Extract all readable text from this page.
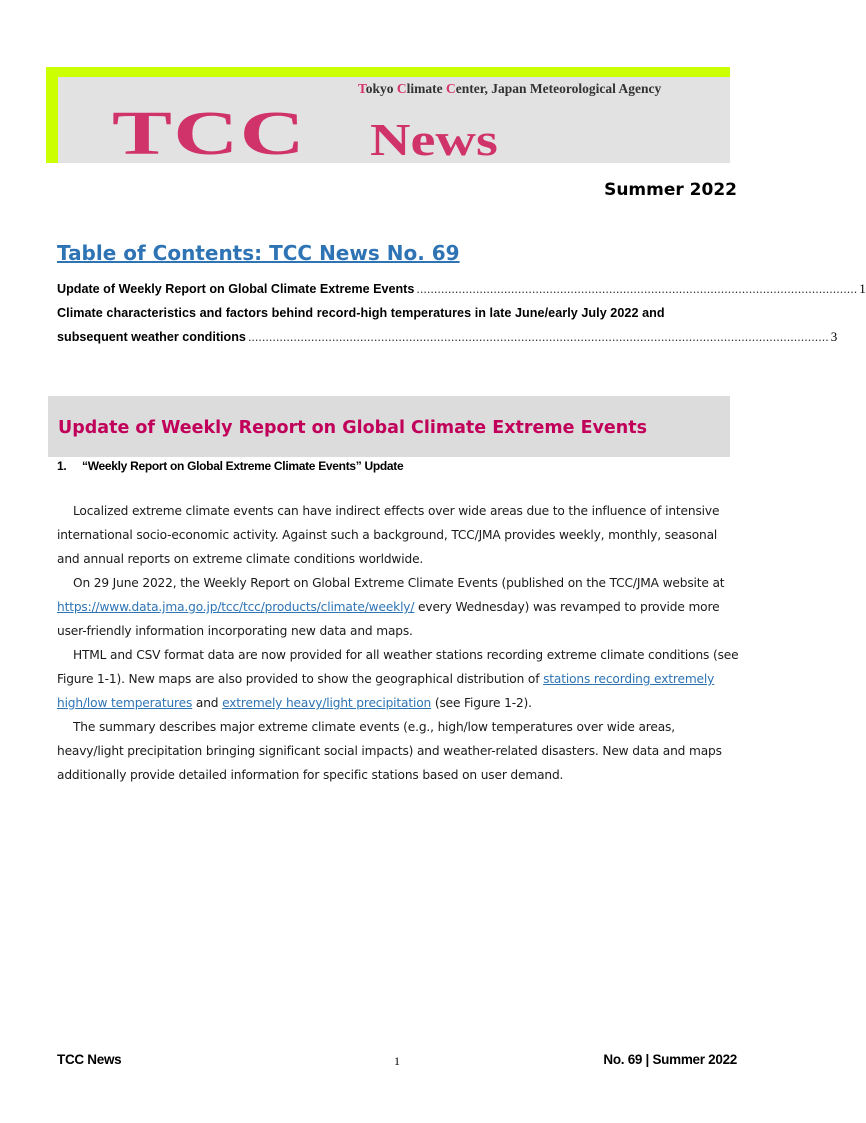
Tokyo Climate Center, Japan Meteorological Agency
TCC News
Summer 2022
Table of Contents: TCC News No. 69
Update of Weekly Report on Global Climate Extreme Events .............................................................................................................................. 1
Climate characteristics and factors behind record-high temperatures in late June/early July 2022 and
subsequent weather conditions ...................................................................................................................................................................... 3
Update of Weekly Report on Global Climate Extreme Events
1. “Weekly Report on Global Extreme Climate Events” Update

Localized extreme climate events can have indirect effects over wide areas due to the influence of intensive international socio-economic activity. Against such a background, TCC/JMA provides weekly, monthly, seasonal and annual reports on extreme climate conditions worldwide.

On 29 June 2022, the Weekly Report on Global Extreme Climate Events (published on the TCC/JMA website at https://www.data.jma.go.jp/tcc/tcc/products/climate/weekly/ every Wednesday) was revamped to provide more user-friendly information incorporating new data and maps.

HTML and CSV format data are now provided for all weather stations recording extreme climate conditions (see Figure 1-1). New maps are also provided to show the geographical distribution of stations recording extremely high/low temperatures and extremely heavy/light precipitation (see Figure 1-2).

The summary describes major extreme climate events (e.g., high/low temperatures over wide areas, heavy/light precipitation bringing significant social impacts) and weather-related disasters. New data and maps additionally provide detailed information for specific stations based on user demand.

TCC News	1	No. 69 | Summer 2022
